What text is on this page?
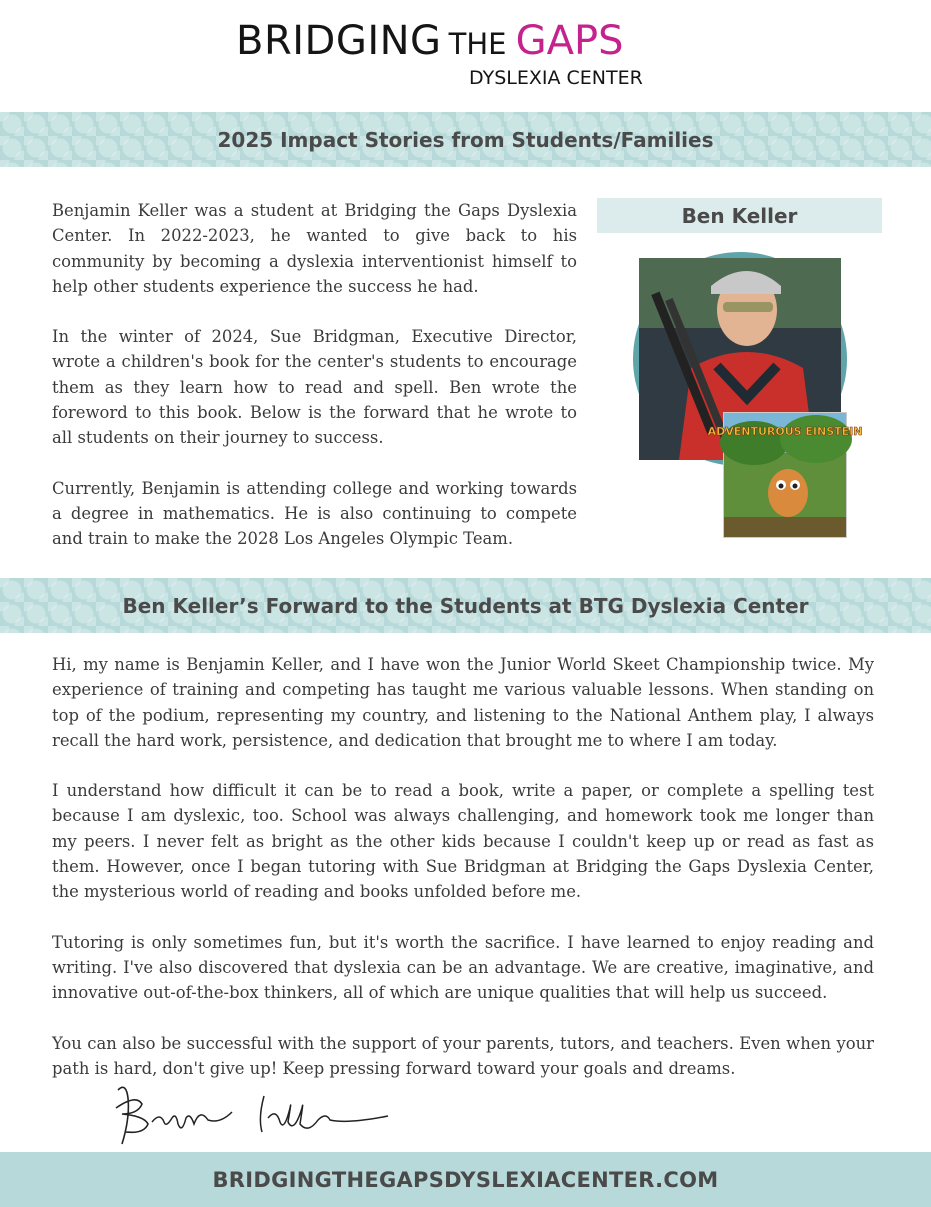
BRIDGING THE GAPS
DYSLEXIA CENTER
2025 Impact Stories from Students/Families

Benjamin Keller was a student at Bridging the Gaps Dyslexia Center. In 2022-2023, he wanted to give back to his community by becoming a dyslexia interventionist himself to help other students experience the success he had.

In the winter of 2024, Sue Bridgman, Executive Director, wrote a children's book for the center's students to encourage them as they learn how to read and spell. Ben wrote the foreword to this book. Below is the forward that he wrote to all students on their journey to success.

Currently, Benjamin is attending college and working towards a degree in mathematics. He is also continuing to compete and train to make the 2028 Los Angeles Olympic Team.

Ben Keller
ADVENTUROUS EINSTEIN
Ben Keller’s Forward to the Students at BTG Dyslexia Center

Hi, my name is Benjamin Keller, and I have won the Junior World Skeet Championship twice. My experience of training and competing has taught me various valuable lessons. When standing on top of the podium, representing my country, and listening to the National Anthem play, I always recall the hard work, persistence, and dedication that brought me to where I am today.

I understand how difficult it can be to read a book, write a paper, or complete a spelling test because I am dyslexic, too. School was always challenging, and homework took me longer than my peers. I never felt as bright as the other kids because I couldn't keep up or read as fast as them. However, once I began tutoring with Sue Bridgman at Bridging the Gaps Dyslexia Center, the mysterious world of reading and books unfolded before me.

Tutoring is only sometimes fun, but it's worth the sacrifice. I have learned to enjoy reading and writing. I've also discovered that dyslexia can be an advantage. We are creative, imaginative, and innovative out-of-the-box thinkers, all of which are unique qualities that will help us succeed.

You can also be successful with the support of your parents, tutors, and teachers. Even when your path is hard, don't give up! Keep pressing forward toward your goals and dreams.

BRIDGINGTHEGAPSDYSLEXIACENTER.COM
